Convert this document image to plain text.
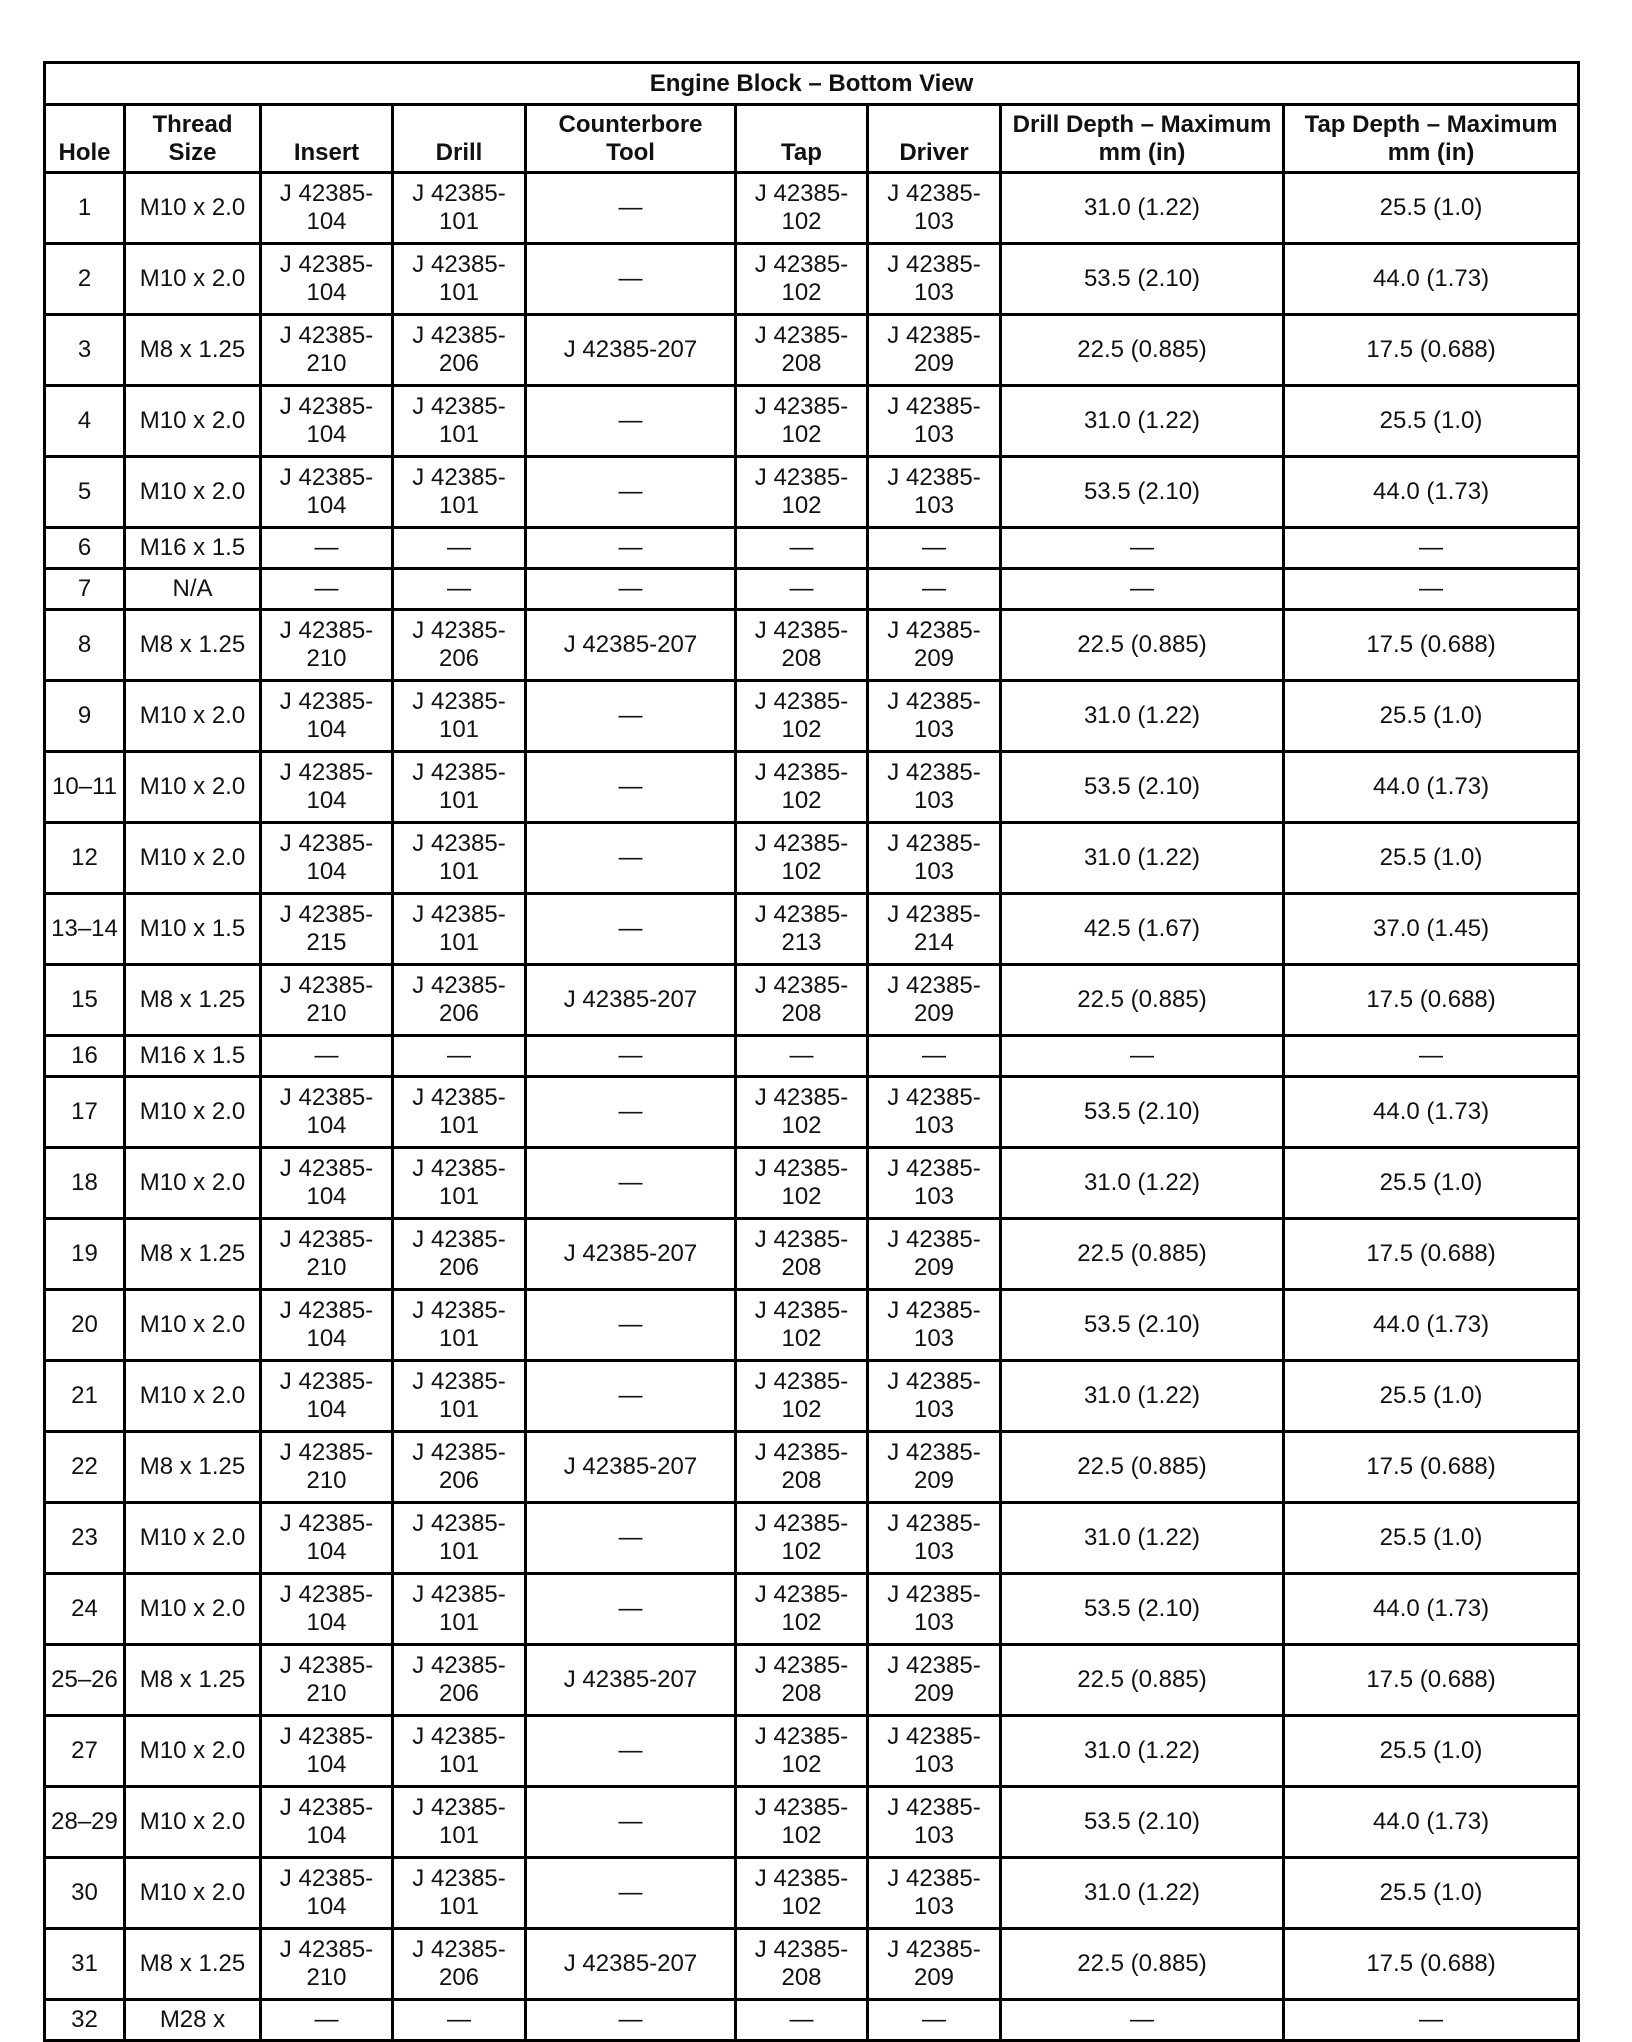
Engine Block – Bottom View								
Hole	Thread Size	Insert	Drill	Counterbore Tool	Tap	Driver	Drill Depth – Maximum mm (in)	Tap Depth – Maximum mm (in)
1	M10 x 2.0	J 42385-104	J 42385-101	—	J 42385-102	J 42385-103	31.0 (1.22)	25.5 (1.0)
2	M10 x 2.0	J 42385-104	J 42385-101	—	J 42385-102	J 42385-103	53.5 (2.10)	44.0 (1.73)
3	M8 x 1.25	J 42385-210	J 42385-206	J 42385-207	J 42385-208	J 42385-209	22.5 (0.885)	17.5 (0.688)
4	M10 x 2.0	J 42385-104	J 42385-101	—	J 42385-102	J 42385-103	31.0 (1.22)	25.5 (1.0)
5	M10 x 2.0	J 42385-104	J 42385-101	—	J 42385-102	J 42385-103	53.5 (2.10)	44.0 (1.73)
6	M16 x 1.5	—	—	—	—	—	—	—
7	N/A	—	—	—	—	—	—	—
8	M8 x 1.25	J 42385-210	J 42385-206	J 42385-207	J 42385-208	J 42385-209	22.5 (0.885)	17.5 (0.688)
9	M10 x 2.0	J 42385-104	J 42385-101	—	J 42385-102	J 42385-103	31.0 (1.22)	25.5 (1.0)
10–11	M10 x 2.0	J 42385-104	J 42385-101	—	J 42385-102	J 42385-103	53.5 (2.10)	44.0 (1.73)
12	M10 x 2.0	J 42385-104	J 42385-101	—	J 42385-102	J 42385-103	31.0 (1.22)	25.5 (1.0)
13–14	M10 x 1.5	J 42385-215	J 42385-101	—	J 42385-213	J 42385-214	42.5 (1.67)	37.0 (1.45)
15	M8 x 1.25	J 42385-210	J 42385-206	J 42385-207	J 42385-208	J 42385-209	22.5 (0.885)	17.5 (0.688)
16	M16 x 1.5	—	—	—	—	—	—	—
17	M10 x 2.0	J 42385-104	J 42385-101	—	J 42385-102	J 42385-103	53.5 (2.10)	44.0 (1.73)
18	M10 x 2.0	J 42385-104	J 42385-101	—	J 42385-102	J 42385-103	31.0 (1.22)	25.5 (1.0)
19	M8 x 1.25	J 42385-210	J 42385-206	J 42385-207	J 42385-208	J 42385-209	22.5 (0.885)	17.5 (0.688)
20	M10 x 2.0	J 42385-104	J 42385-101	—	J 42385-102	J 42385-103	53.5 (2.10)	44.0 (1.73)
21	M10 x 2.0	J 42385-104	J 42385-101	—	J 42385-102	J 42385-103	31.0 (1.22)	25.5 (1.0)
22	M8 x 1.25	J 42385-210	J 42385-206	J 42385-207	J 42385-208	J 42385-209	22.5 (0.885)	17.5 (0.688)
23	M10 x 2.0	J 42385-104	J 42385-101	—	J 42385-102	J 42385-103	31.0 (1.22)	25.5 (1.0)
24	M10 x 2.0	J 42385-104	J 42385-101	—	J 42385-102	J 42385-103	53.5 (2.10)	44.0 (1.73)
25–26	M8 x 1.25	J 42385-210	J 42385-206	J 42385-207	J 42385-208	J 42385-209	22.5 (0.885)	17.5 (0.688)
27	M10 x 2.0	J 42385-104	J 42385-101	—	J 42385-102	J 42385-103	31.0 (1.22)	25.5 (1.0)
28–29	M10 x 2.0	J 42385-104	J 42385-101	—	J 42385-102	J 42385-103	53.5 (2.10)	44.0 (1.73)
30	M10 x 2.0	J 42385-104	J 42385-101	—	J 42385-102	J 42385-103	31.0 (1.22)	25.5 (1.0)
31	M8 x 1.25	J 42385-210	J 42385-206	J 42385-207	J 42385-208	J 42385-209	22.5 (0.885)	17.5 (0.688)
32	M28 x	—	—	—	—	—	—	—
